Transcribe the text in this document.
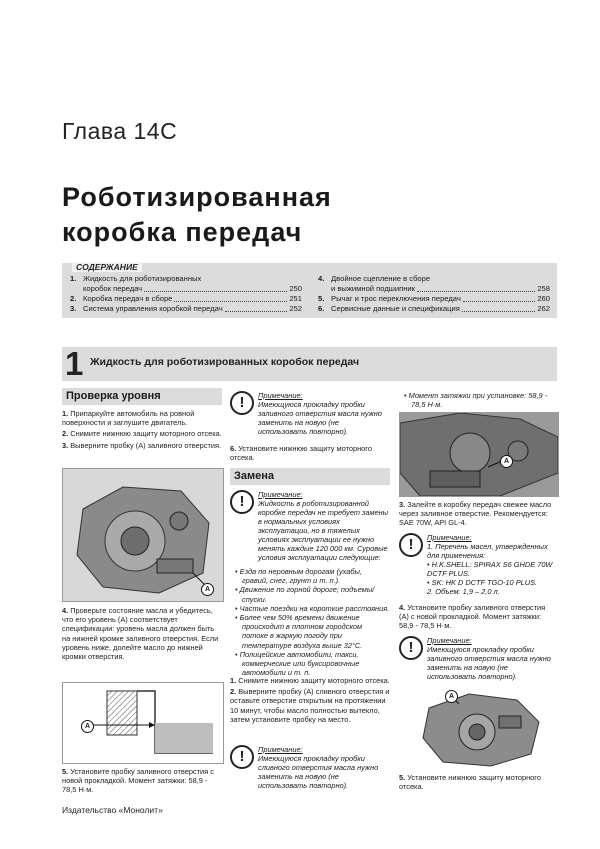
Глава 14C
Роботизированная
коробка передач
СОДЕРЖАНИЕ
1. Жидкость для роботизированных
коробок передач	250
2. Коробка передач в сборе	251
3. Система управления коробкой передач	252
4. Двойное сцепление в сборе
и выжимной подшипник	258
5. Рычаг и трос переключения передач	260
6. Сервисные данные и спецификация	262
1 Жидкость для роботизированных коробок передач
Проверка уровня

1. Припаркуйте автомобиль на ровной поверхности и заглушите двигатель.

2. Снимите нижнюю защиту моторного отсека.

3. Выверните пробку (A) заливного отверстия.

A

4. Проверьте состояние масла и убедитесь, что его уровень (A) соответствует спецификации: уровень масла должен быть на нижней кромке заливного отверстия. Если уровень ниже, долейте масло до нижней кромки отверстия.

A

5. Установите пробку заливного отверстия с новой прокладкой. Момент затяжки: 58,9 - 78,5 Н·м.

!	Примечание:
Имеющуюся прокладку пробки заливного отверстия масла нужно заменить на новую (не использовать повторно).

6. Установите нижнюю защиту моторного отсека.

Замена
!	Примечание:
Жидкость в роботизированной коробке передач не требует замены в нормальных условиях эксплуатации, но в тяжелых условиях эксплуатации ее нужно менять каждые 120 000 км. Суровые условия эксплуатации следующие:
• Езда по неровным дорогам (ухабы, гравий, снег, грунт и т. п.).
• Движение по горной дороге; подъемы/спуски.
• Частые поездки на короткие расстояния.
• Более чем 50% времени движение происходит в плотном городском потоке в жаркую погоду при температуре воздуха выше 32°С.
• Полицейские автомобили, такси, коммерческие или буксировочные автомобили и т. п.

1. Снимите нижнюю защиту моторного отсека.

2. Выверните пробку (A) сливного отверстия и оставьте отверстие открытым на протяжении 10 минут, чтобы масло полностью вытекло, затем установите пробку на место.

!	Примечание:
Имеющуюся прокладку пробки сливного отверстия масла нужно заменить на новую (не использовать повторно).
• Момент затяжки при установке: 58,9 - 78,5 Н·м.
A

3. Залейте в коробку передач свежее масло через заливное отверстие. Рекомендуется: SAE 70W, API GL-4.

!	Примечание:
1. Перечень масел, утвержденных для применения:
• H.K.SHELL: SPIRAX S6 GHDE 70W DCTF PLUS.
• SK: HK D DCTF TGO-10 PLUS.
2. Объем: 1,9 – 2,0 л.

4. Установите пробку заливного отверстия (A) с новой прокладкой. Момент затяжки: 58,9 - 78,5 Н·м.

!	Примечание:
Имеющуюся прокладку пробки заливного отверстия масла нужно заменить на новую (не использовать повторно).
A

5. Установите нижнюю защиту моторного отсека.

Издательство «Монолит»
